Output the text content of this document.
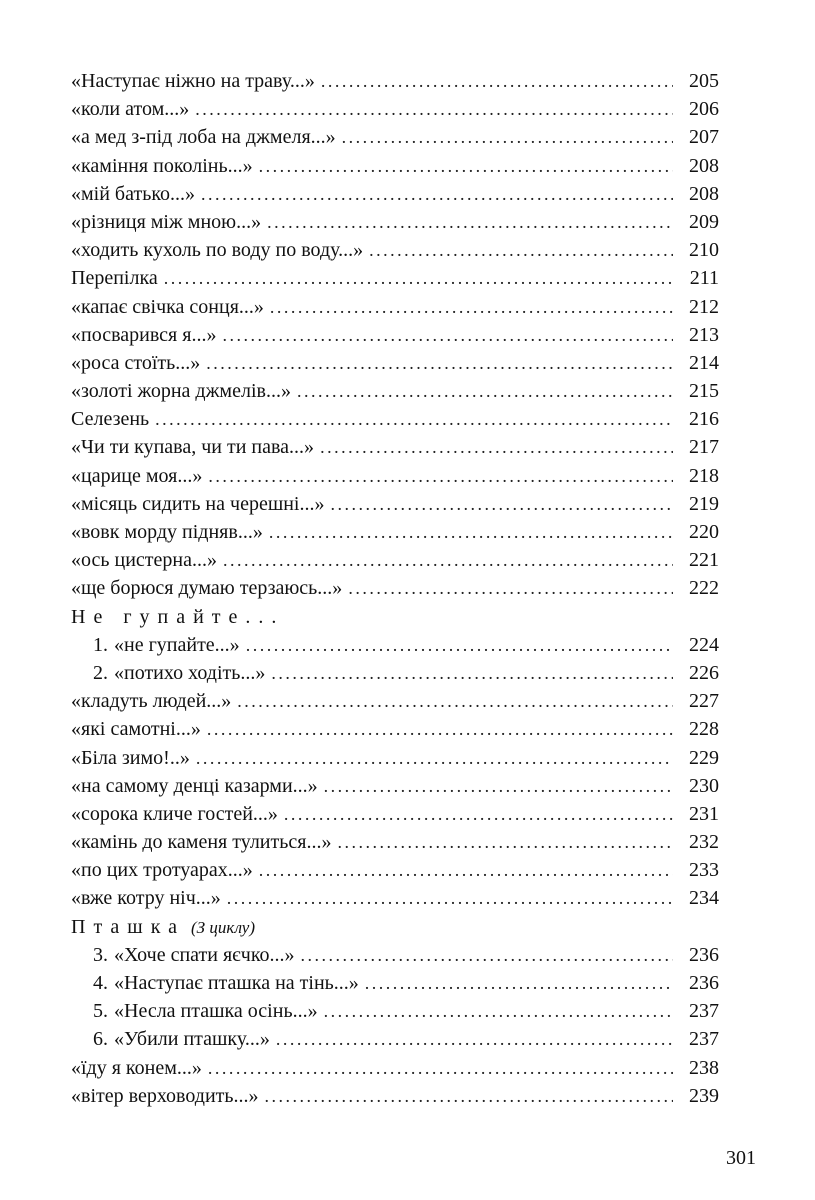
«Наступає ніжно на траву...» . . .	205
«коли атом...» . . .	206
«а мед з-під лоба на джмеля...» . . .	207
«каміння поколінь...» . . .	208
«мій батько...» . . .	208
«різниця між мною...» . . .	209
«ходить кухоль по воду по воду...» . . .	210
Перепілка . . .	211
«капає свічка сонця...» . . .	212
«посварився я...» . . .	213
«роса стоїть...» . . .	214
«золоті жорна джмелів...» . . .	215
Селезень . . .	216
«Чи ти купава, чи ти пава...» . . .	217
«царице моя...» . . .	218
«місяць сидить на черешні...» . . .	219
«вовк морду підняв...» . . .	220
«ось цистерна...» . . .	221
«ще борюся думаю терзаюсь...» . . .	222
Не гупайте...
1. «не гупайте...» . . .	224
2. «потихо ходіть...» . . .	226
«кладуть людей...» . . .	227
«які самотні...» . . .	228
«Біла зимо!..» . . .	229
«на самому денці казарми...» . . .	230
«сорока кличе гостей...» . . .	231
«камінь до каменя тулиться...» . . .	232
«по цих тротуарах...» . . .	233
«вже котру ніч...» . . .	234
Пташка (З циклу)
3. «Хоче спати яєчко...» . . .	236
4. «Наступає пташка на тінь...» . . .	236
5. «Несла пташка осінь...» . . .	237
6. «Убили пташку...» . . .	237
«їду я конем...» . . .	238
«вітер верховодить...» . . .	239
301
